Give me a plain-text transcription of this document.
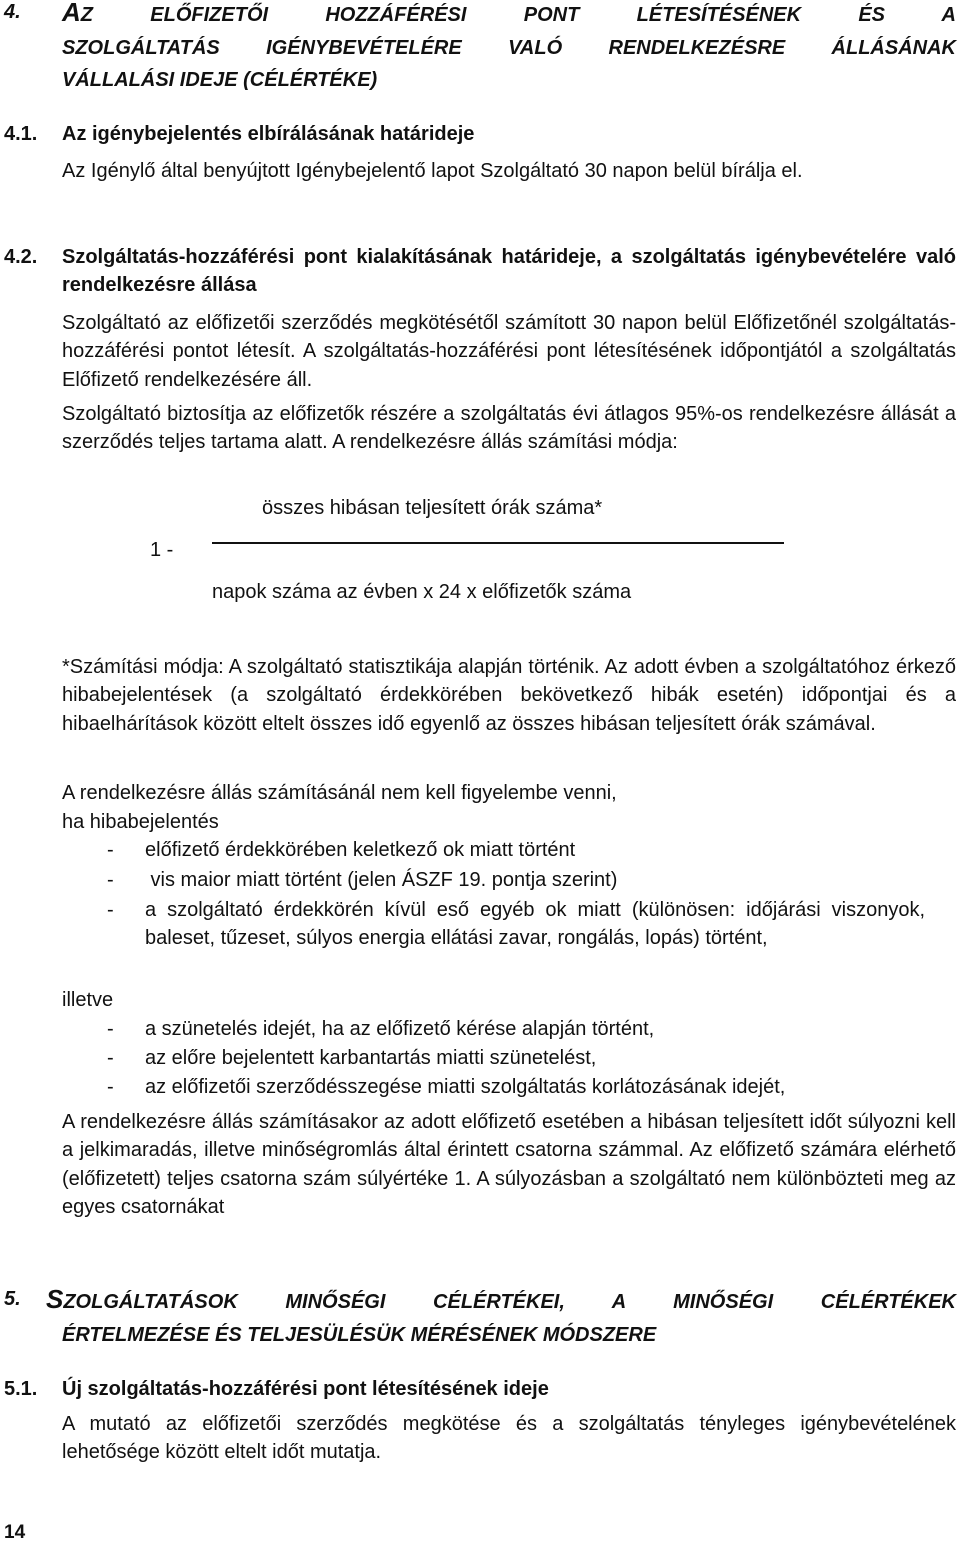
4.	AZ ELŐFIZETŐI HOZZÁFÉRÉSI PONT LÉTESÍTÉSÉNEK ÉS A
SZOLGÁLTATÁS IGÉNYBEVÉTELÉRE VALÓ RENDELKEZÉSRE ÁLLÁSÁNAK
VÁLLALÁSI IDEJE (CÉLÉRTÉKE)
4.1. Az igénybejelentés elbírálásának határideje
Az Igénylő által benyújtott Igénybejelentő lapot Szolgáltató 30 napon belül bírálja el.
4.2.	Szolgáltatás-hozzáférési pont kialakításának határideje, a szolgáltatás igénybevételére való rendelkezésre állása
Szolgáltató az előfizetői szerződés megkötésétől számított 30 napon belül Előfizetőnél szolgáltatás-hozzáférési pontot létesít. A szolgáltatás-hozzáférési pont létesítésének időpontjától a szolgáltatás Előfizető rendelkezésére áll.
Szolgáltató biztosítja az előfizetők részére a szolgáltatás évi átlagos 95%-os rendelkezésre állását a szerződés teljes tartama alatt. A rendelkezésre állás számítási módja:
összes hibásan teljesített órák száma*
1 -
napok száma az évben x 24 x előfizetők száma
*Számítási módja: A szolgáltató statisztikája alapján történik. Az adott évben a szolgáltatóhoz érkező hibabejelentések (a szolgáltató érdekkörében bekövetkező hibák esetén) időpontjai és a hibaelhárítások között eltelt összes idő egyenlő az összes hibásan teljesített órák számával.
A rendelkezésre állás számításánál nem kell figyelembe venni,
ha hibabejelentés
- előfizető érdekkörében keletkező ok miatt történt
- vis maior miatt történt (jelen ÁSZF 19. pontja szerint)
- a szolgáltató érdekkörén kívül eső egyéb ok miatt (különösen: időjárási viszonyok, baleset, tűzeset, súlyos energia ellátási zavar, rongálás, lopás) történt,
illetve
- a szünetelés idejét, ha az előfizető kérése alapján történt,
- az előre bejelentett karbantartás miatti szünetelést,
- az előfizetői szerződésszegése miatti szolgáltatás korlátozásának idejét,
A rendelkezésre állás számításakor az adott előfizető esetében a hibásan teljesített időt súlyozni kell a jelkimaradás, illetve minőségromlás által érintett csatorna számmal. Az előfizető számára elérhető (előfizetett) teljes csatorna szám súlyértéke 1. A súlyozásban a szolgáltató nem különbözteti meg az egyes csatornákat
5. SZOLGÁLTATÁSOK MINŐSÉGI CÉLÉRTÉKEI, A MINŐSÉGI CÉLÉRTÉKEK
ÉRTELMEZÉSE ÉS TELJESÜLÉSÜK MÉRÉSÉNEK MÓDSZERE
5.1. Új szolgáltatás-hozzáférési pont létesítésének ideje
A mutató az előfizetői szerződés megkötése és a szolgáltatás tényleges igénybevételének lehetősége között eltelt időt mutatja.
14
